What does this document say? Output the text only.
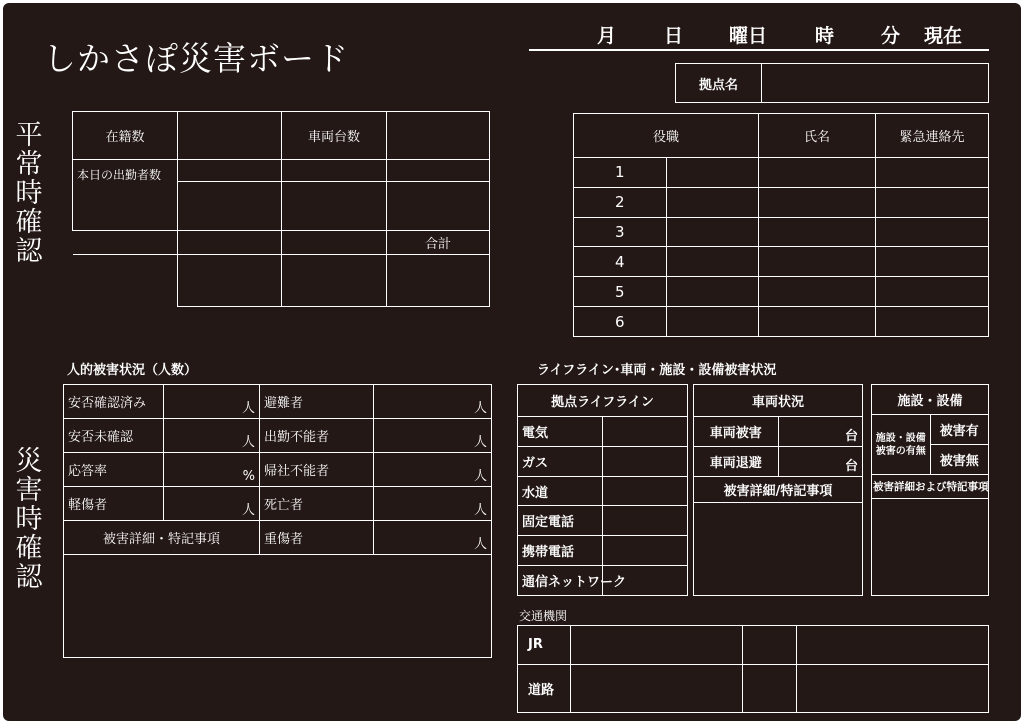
しかさぽ災害ボード
月	日 曜日	時 分 現在
拠点名	
平常時確認
災害時確認
在籍数		車両台数	
本日の出勤者数			

			合計

役職		氏名	緊急連絡先
1			
2			
3			
4			
5			
6			
人的被害状況（人数）
安否確認済み	人	避難者	人
安否未確認	人	出勤不能者	人
応答率	%	帰社不能者	人
軽傷者	人	死亡者	人
被害詳細・特記事項		重傷者	人

ライフライン･車両・施設・設備被害状況
拠点ライフライン	
電気	
ガス	
水道	
固定電話	
携帯電話	
通信ネットワーク	
車両状況	
車両被害	台
車両退避	台
被害詳細/特記事項	

施設・設備
施設・設備被害の有無	被害有
被害無
被害詳細および特記事項

交通機関
JR			
道路			
